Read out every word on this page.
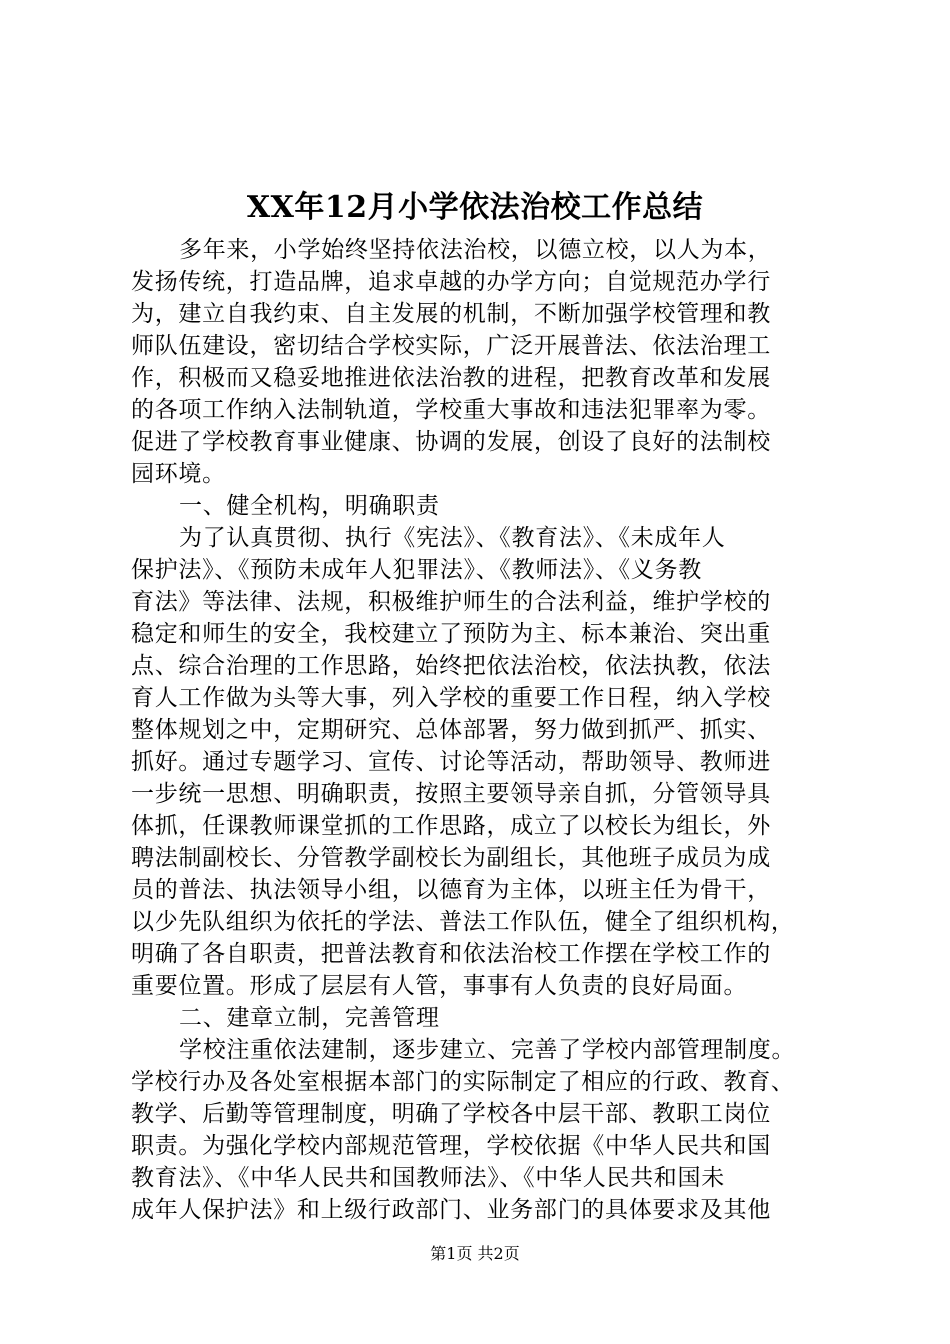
XX年12月小学依法治校工作总结
多年来，小学始终坚持依法治校，以德立校，以人为本，
发扬传统，打造品牌，追求卓越的办学方向；自觉规范办学行
为，建立自我约束、自主发展的机制，不断加强学校管理和教
师队伍建设，密切结合学校实际，广泛开展普法、依法治理工
作，积极而又稳妥地推进依法治教的进程，把教育改革和发展
的各项工作纳入法制轨道，学校重大事故和违法犯罪率为零。
促进了学校教育事业健康、协调的发展，创设了良好的法制校
园环境。
一、健全机构，明确职责
为了认真贯彻、执行《宪法》、《教育法》、《未成年人
保护法》、《预防未成年人犯罪法》、《教师法》、《义务教
育法》等法律、法规，积极维护师生的合法利益，维护学校的
稳定和师生的安全，我校建立了预防为主、标本兼治、突出重
点、综合治理的工作思路，始终把依法治校，依法执教，依法
育人工作做为头等大事，列入学校的重要工作日程，纳入学校
整体规划之中，定期研究、总体部署，努力做到抓严、抓实、
抓好。通过专题学习、宣传、讨论等活动，帮助领导、教师进
一步统一思想、明确职责，按照主要领导亲自抓，分管领导具
体抓，任课教师课堂抓的工作思路，成立了以校长为组长，外
聘法制副校长、分管教学副校长为副组长，其他班子成员为成
员的普法、执法领导小组，以德育为主体，以班主任为骨干，
以少先队组织为依托的学法、普法工作队伍，健全了组织机构，
明确了各自职责，把普法教育和依法治校工作摆在学校工作的
重要位置。形成了层层有人管，事事有人负责的良好局面。
二、建章立制，完善管理
学校注重依法建制，逐步建立、完善了学校内部管理制度。
学校行办及各处室根据本部门的实际制定了相应的行政、教育、
教学、后勤等管理制度，明确了学校各中层干部、教职工岗位
职责。为强化学校内部规范管理，学校依据《中华人民共和国
教育法》、《中华人民共和国教师法》、《中华人民共和国未
成年人保护法》和上级行政部门、业务部门的具体要求及其他
第1页 共2页
